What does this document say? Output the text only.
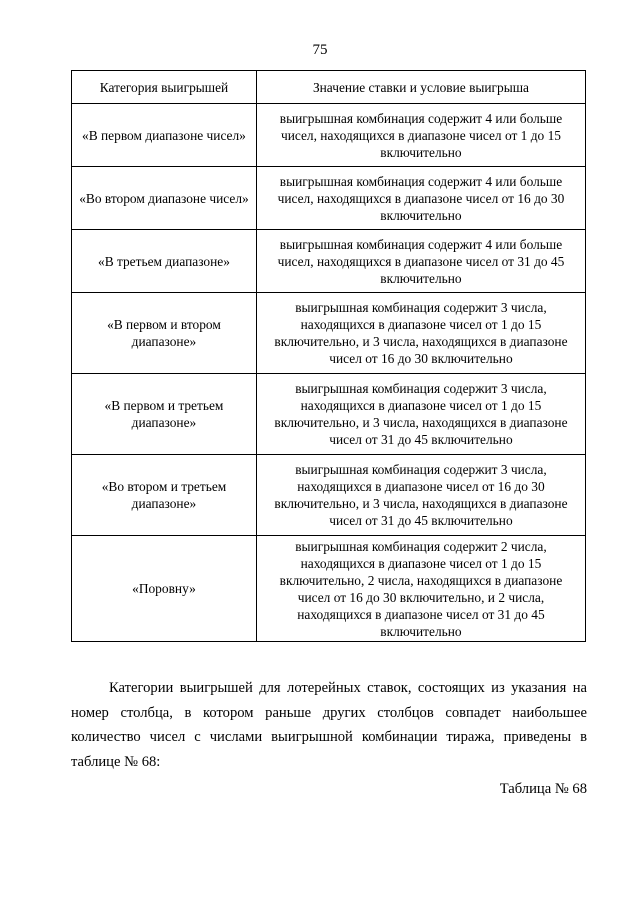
75
Категория выигрышей	Значение ставки и условие выигрыша
«В первом диапазоне чисел»	выигрышная комбинация содержит 4 или больше чисел, находящихся в диапазоне чисел от 1 до 15 включительно
«Во втором диапазоне чисел»	выигрышная комбинация содержит 4 или больше чисел, находящихся в диапазоне чисел от 16 до 30 включительно
«В третьем диапазоне»	выигрышная комбинация содержит 4 или больше чисел, находящихся в диапазоне чисел от 31 до 45 включительно
«В первом и втором диапазоне»	выигрышная комбинация содержит 3 числа, находящихся в диапазоне чисел от 1 до 15 включительно, и 3 числа, находящихся в диапазоне чисел от 16 до 30 включительно
«В первом и третьем диапазоне»	выигрышная комбинация содержит 3 числа, находящихся в диапазоне чисел от 1 до 15 включительно, и 3 числа, находящихся в диапазоне чисел от 31 до 45 включительно
«Во втором и третьем диапазоне»	выигрышная комбинация содержит 3 числа, находящихся в диапазоне чисел от 16 до 30 включительно, и 3 числа, находящихся в диапазоне чисел от 31 до 45 включительно
«Поровну»	выигрышная комбинация содержит 2 числа, находящихся в диапазоне чисел от 1 до 15 включительно, 2 числа, находящихся в диапазоне чисел от 16 до 30 включительно, и 2 числа, находящихся в диапазоне чисел от 31 до 45 включительно

Категории выигрышей для лотерейных ставок, состоящих из указания на номер столбца, в котором раньше других столбцов совпадет наибольшее количество чисел с числами выигрышной комбинации тиража, приведены в таблице № 68:

Таблица № 68
